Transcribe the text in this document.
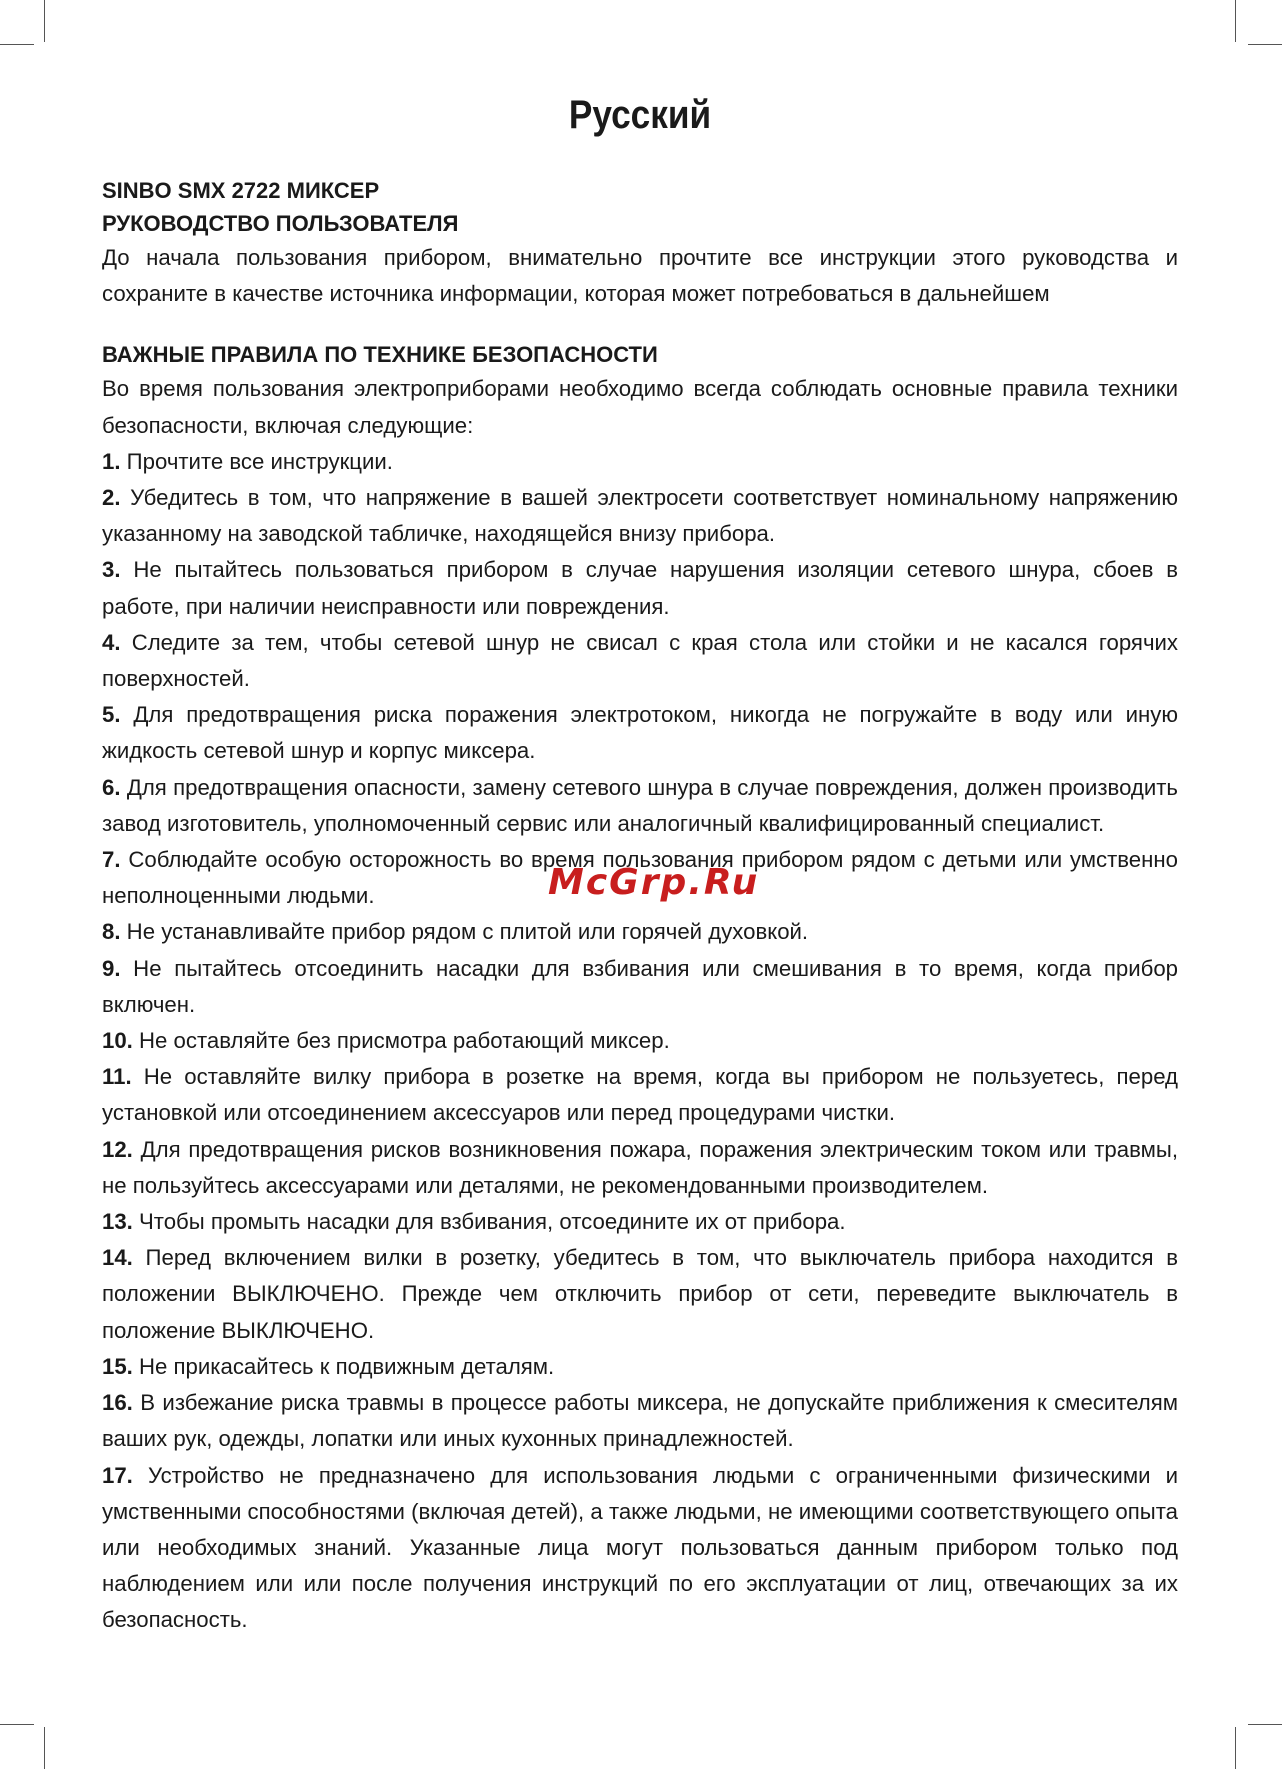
Русский

SINBO SMX 2722 МИКСЕР

РУКОВОДСТВО ПОЛЬЗОВАТЕЛЯ

До начала пользования прибором, внимательно прочтите все инструкции этого руководства и сохраните в качестве источника информации, которая может потребоваться в дальнейшем

ВАЖНЫЕ ПРАВИЛА ПО ТЕХНИКЕ БЕЗОПАСНОСТИ

Во время пользования электроприборами необходимо всегда соблюдать основные правила техники безопасности, включая следующие:

1. Прочтите все инструкции.

2. Убедитесь в том, что напряжение в вашей электросети соответствует номинальному напряжению указанному на заводской табличке, находящейся внизу прибора.

3. Не пытайтесь пользоваться прибором в случае нарушения изоляции сетевого шнура, сбоев в работе, при наличии неисправности или повреждения.

4. Следите за тем, чтобы сетевой шнур не свисал с края стола или стойки и не касался горячих поверхностей.

5. Для предотвращения риска поражения электротоком, никогда не погружайте в воду или иную жидкость сетевой шнур и корпус миксера.

6. Для предотвращения опасности, замену сетевого шнура в случае повреждения, должен производить завод изготовитель, уполномоченный сервис или аналогичный квалифицированный специалист.

7. Соблюдайте особую осторожность во время пользования прибором рядом с детьми или умственно неполноценными людьми.

8. Не устанавливайте прибор рядом с плитой или горячей духовкой.

9. Не пытайтесь отсоединить насадки для взбивания или смешивания в то время, когда прибор включен.

10. Не оставляйте без присмотра работающий миксер.

11. Не оставляйте вилку прибора в розетке на время, когда вы прибором не пользуетесь, перед установкой или отсоединением аксессуаров или перед процедурами чистки.

12. Для предотвращения рисков возникновения пожара, поражения электрическим током или травмы, не пользуйтесь аксессуарами или деталями, не рекомендованными производителем.

13. Чтобы промыть насадки для взбивания, отсоедините их от прибора.

14. Перед включением вилки в розетку, убедитесь в том, что выключатель прибора находится в положении ВЫКЛЮЧЕНО. Прежде чем отключить прибор от сети, переведите выключатель в положение ВЫКЛЮЧЕНО.

15. Не прикасайтесь к подвижным деталям.

16. В избежание риска травмы в процессе работы миксера, не допускайте приближения к смесителям ваших рук, одежды, лопатки или иных кухонных принадлежностей.

17. Устройство не предназначено для использования людьми с ограниченными физическими и умственными способностями (включая детей), а также людьми, не имеющими соответствующего опыта или необходимых знаний. Указанные лица могут пользоваться данным прибором только под наблюдением или или после получения инструкций по его эксплуатации от лиц, отвечающих за их безопасность.

McGrp.Ru
